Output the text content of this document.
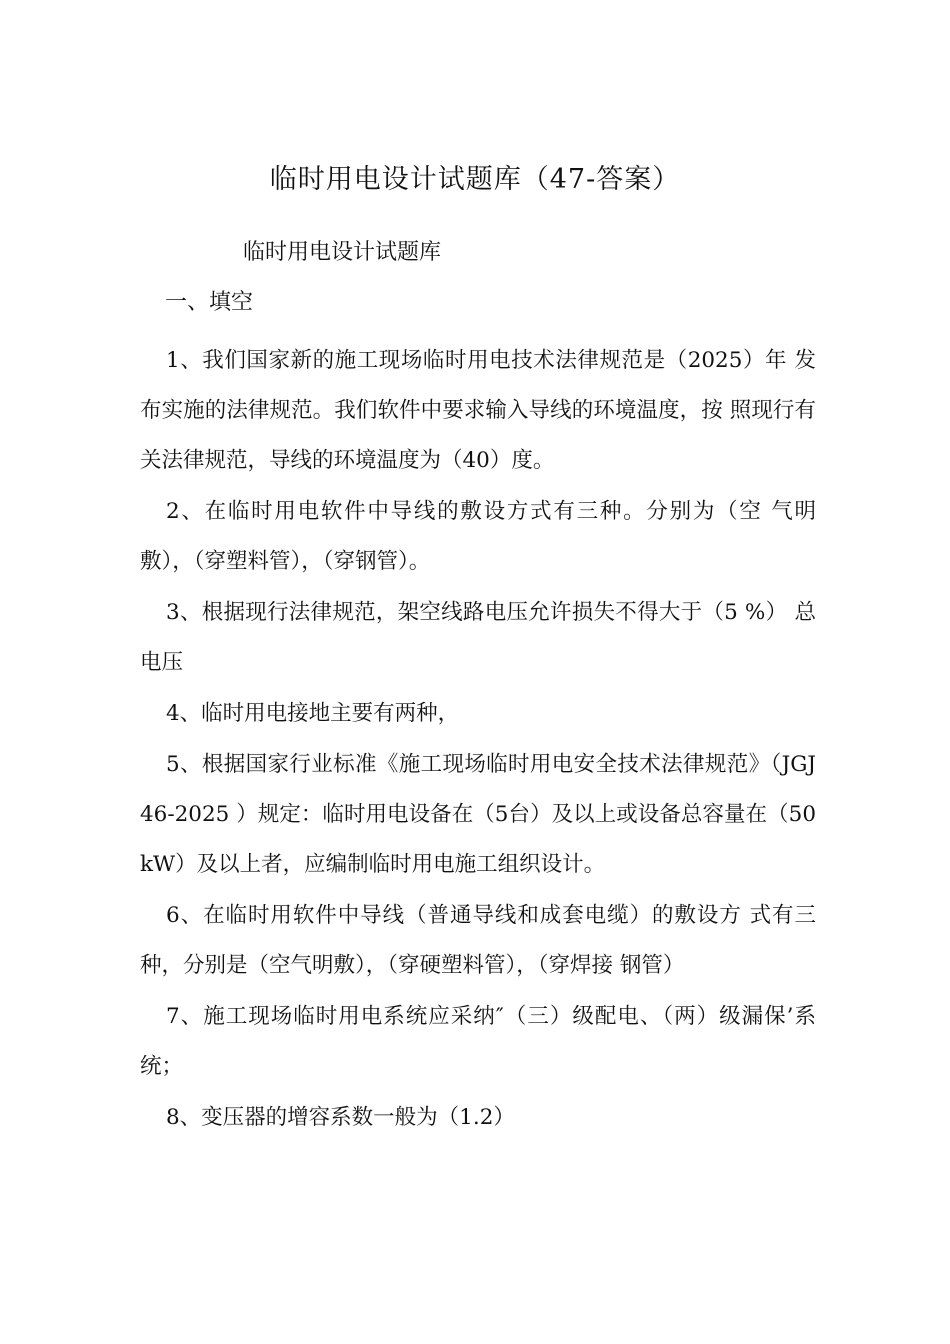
临时用电设计试题库（47-答案）
临时用电设计试题库
一、填空
1、我们国家新的施工现场临时用电技术法律规范是（2025）年 发布实施的法律规范。我们软件中要求输入导线的环境温度，按 照现行有关法律规范，导线的环境温度为（40）度。
2、在临时用电软件中导线的敷设方式有三种。分别为（空 气明敷），（穿塑料管），（穿钢管）。
3、根据现行法律规范，架空线路电压允许损失不得大于（5 %） 总电压
4、临时用电接地主要有两种，
5、根据国家行业标准《施工现场临时用电安全技术法律规范》（JGJ46-2025 ）规定：临时用电设备在（5台）及以上或设备总容量在（50kW）及以上者，应编制临时用电施工组织设计。
6、在临时用软件中导线（普通导线和成套电缆）的敷设方 式有三种，分别是（空气明敷），（穿硬塑料管），（穿焊接 钢管）
7、施工现场临时用电系统应采纳″（三）级配电、（两）级漏保’系统；
8、变压器的增容系数一般为（1.2）
